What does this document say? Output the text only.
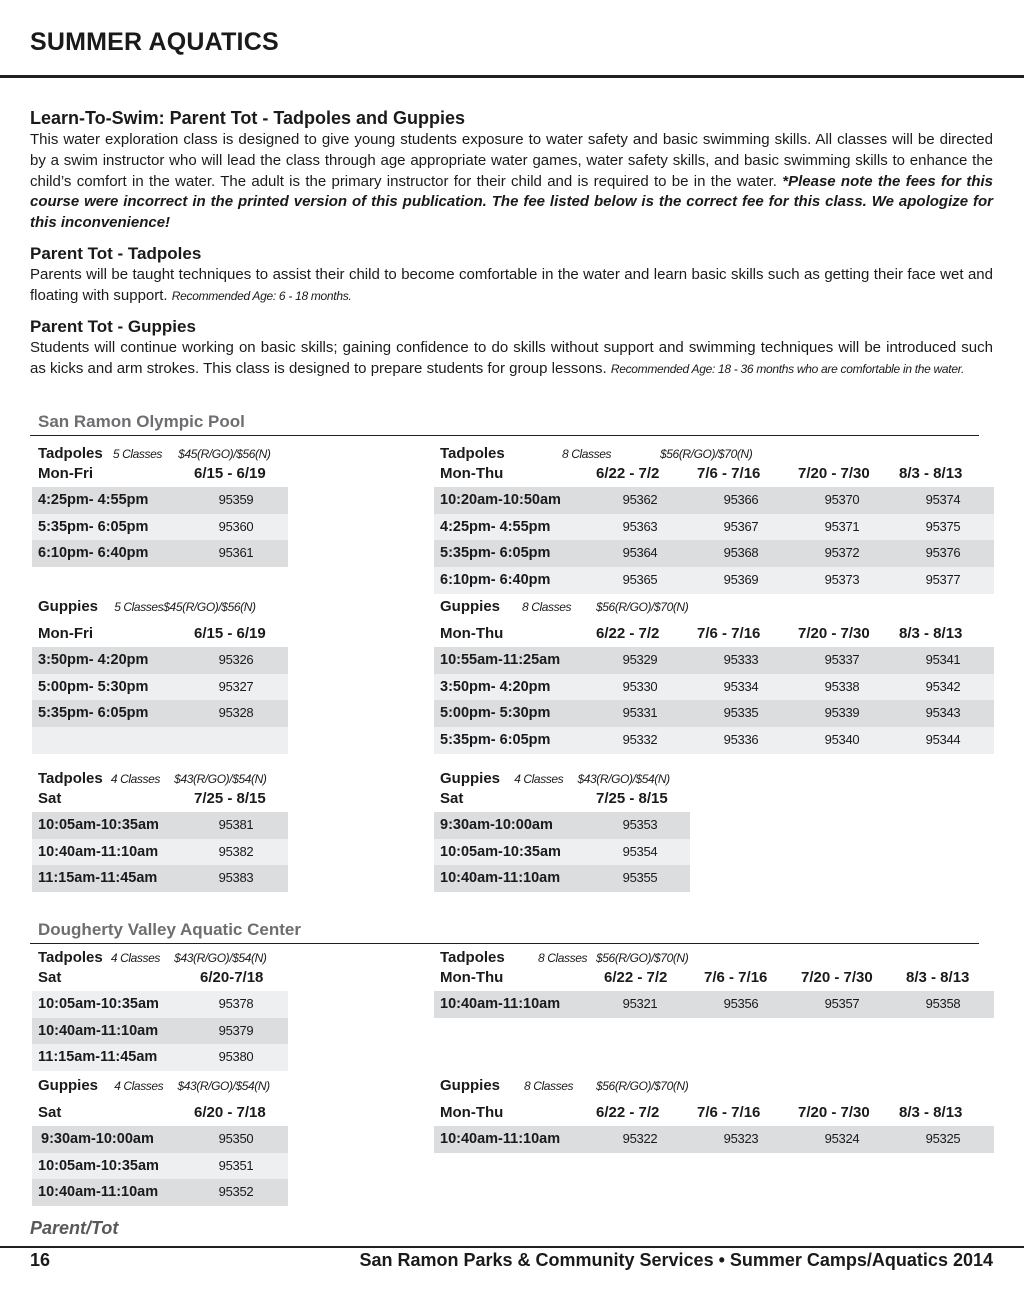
SUMMER AQUATICS
Learn-To-Swim: Parent Tot - Tadpoles and Guppies
This water exploration class is designed to give young students exposure to water safety and basic swimming skills. All classes will be directed by a swim instructor who will lead the class through age appropriate water games, water safety skills, and basic swimming skills to enhance the child’s comfort in the water. The adult is the primary instructor for their child and is required to be in the water. *Please note the fees for this course were incorrect in the printed version of this publication. The fee listed below is the correct fee for this class. We apologize for this inconvenience!
Parent Tot - Tadpoles
Parents will be taught techniques to assist their child to become comfortable in the water and learn basic skills such as getting their face wet and floating with support. Recommended Age: 6 - 18 months.
Parent Tot - Guppies
Students will continue working on basic skills; gaining confidence to do skills without support and swimming techniques will be introduced such as kicks and arm strokes. This class is designed to prepare students for group lessons. Recommended Age: 18 - 36 months who are comfortable in the water.
San Ramon Olympic Pool
Tadpoles 5 Classes $45(R/GO)/$56(N)
Mon-Fri	6/15 - 6/19
4:25pm- 4:55pm	95359
5:35pm- 6:05pm	95360
6:10pm- 6:40pm	95361
Tadpoles	8 Classes	$56(R/GO)/$70(N)
Mon-Thu	6/22 - 7/2	7/6 - 7/16	7/20 - 7/30 8/3 - 8/13
10:20am-10:50am	95362	95366	95370	95374
4:25pm- 4:55pm	95363	95367	95371	95375
5:35pm- 6:05pm	95364	95368	95372	95376
6:10pm- 6:40pm	95365	95369	95373	95377
Guppies 5 Classes$45(R/GO)/$56(N)
Mon-Fri	6/15 - 6/19
3:50pm- 4:20pm	95326
5:00pm- 5:30pm	95327
5:35pm- 6:05pm	95328
Guppies 8 Classes $56(R/GO)/$70(N)
Mon-Thu	6/22 - 7/2	7/6 - 7/16	7/20 - 7/30 8/3 - 8/13
10:55am-11:25am	95329	95333	95337	95341
3:50pm- 4:20pm	95330	95334	95338	95342
5:00pm- 5:30pm	95331	95335	95339	95343
5:35pm- 6:05pm	95332	95336	95340	95344
Tadpoles 4 Classes $43(R/GO)/$54(N)
Sat	7/25 - 8/15
10:05am-10:35am	95381
10:40am-11:10am	95382
11:15am-11:45am	95383
Guppies 4 Classes $43(R/GO)/$54(N)
Sat	7/25 - 8/15
9:30am-10:00am	95353
10:05am-10:35am	95354
10:40am-11:10am	95355
Dougherty Valley Aquatic Center
Tadpoles 4 Classes $43(R/GO)/$54(N)
Sat	6/20-7/18
10:05am-10:35am	95378
10:40am-11:10am	95379
11:15am-11:45am	95380
Tadpoles	8 Classes $56(R/GO)/$70(N)
Mon-Thu	6/22 - 7/2 7/6 - 7/16 7/20 - 7/30 8/3 - 8/13
10:40am-11:10am	95321	95356	95357	95358
Guppies 4 Classes $43(R/GO)/$54(N)
Sat	6/20 - 7/18
9:30am-10:00am	95350
10:05am-10:35am	95351
10:40am-11:10am	95352
Guppies 8 Classes $56(R/GO)/$70(N)
Mon-Thu	6/22 - 7/2	7/6 - 7/16	7/20 - 7/30 8/3 - 8/13
10:40am-11:10am	95322	95323	95324	95325
Parent/Tot
16	San Ramon Parks & Community Services • Summer Camps/Aquatics 2014
